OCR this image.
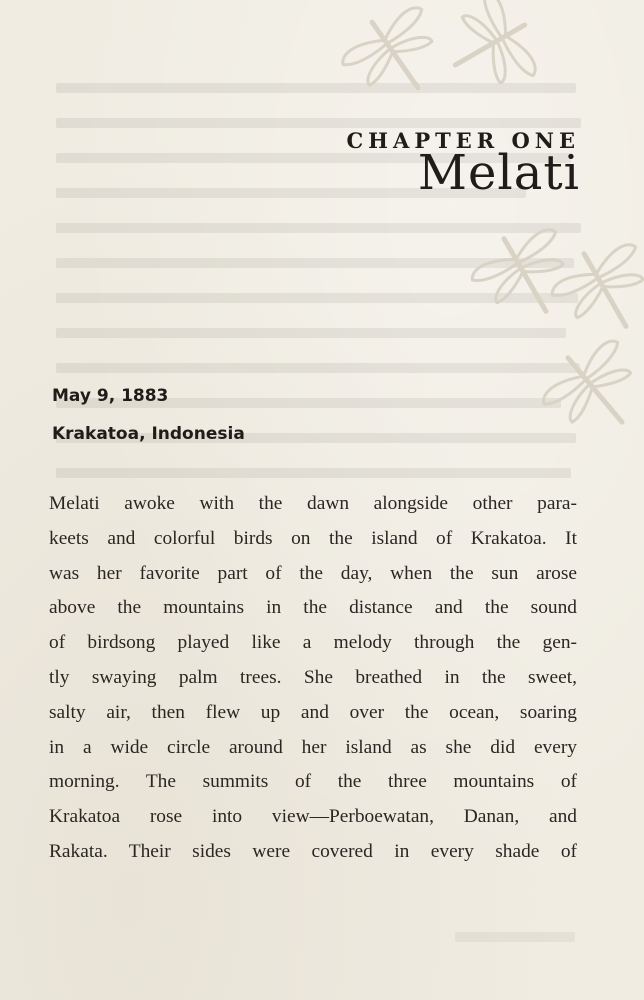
CHAPTER ONE
Melati
May 9, 1883
Krakatoa, Indonesia

Melati awoke with the dawn alongside other para-
keets and colorful birds on the island of Krakatoa. It
was her favorite part of the day, when the sun arose
above the mountains in the distance and the sound
of birdsong played like a melody through the gen-
tly swaying palm trees. She breathed in the sweet,
salty air, then flew up and over the ocean, soaring
in a wide circle around her island as she did every
morning. The summits of the three mountains of
Krakatoa rose into view—Perboewatan, Danan, and
Rakata. Their sides were covered in every shade of
